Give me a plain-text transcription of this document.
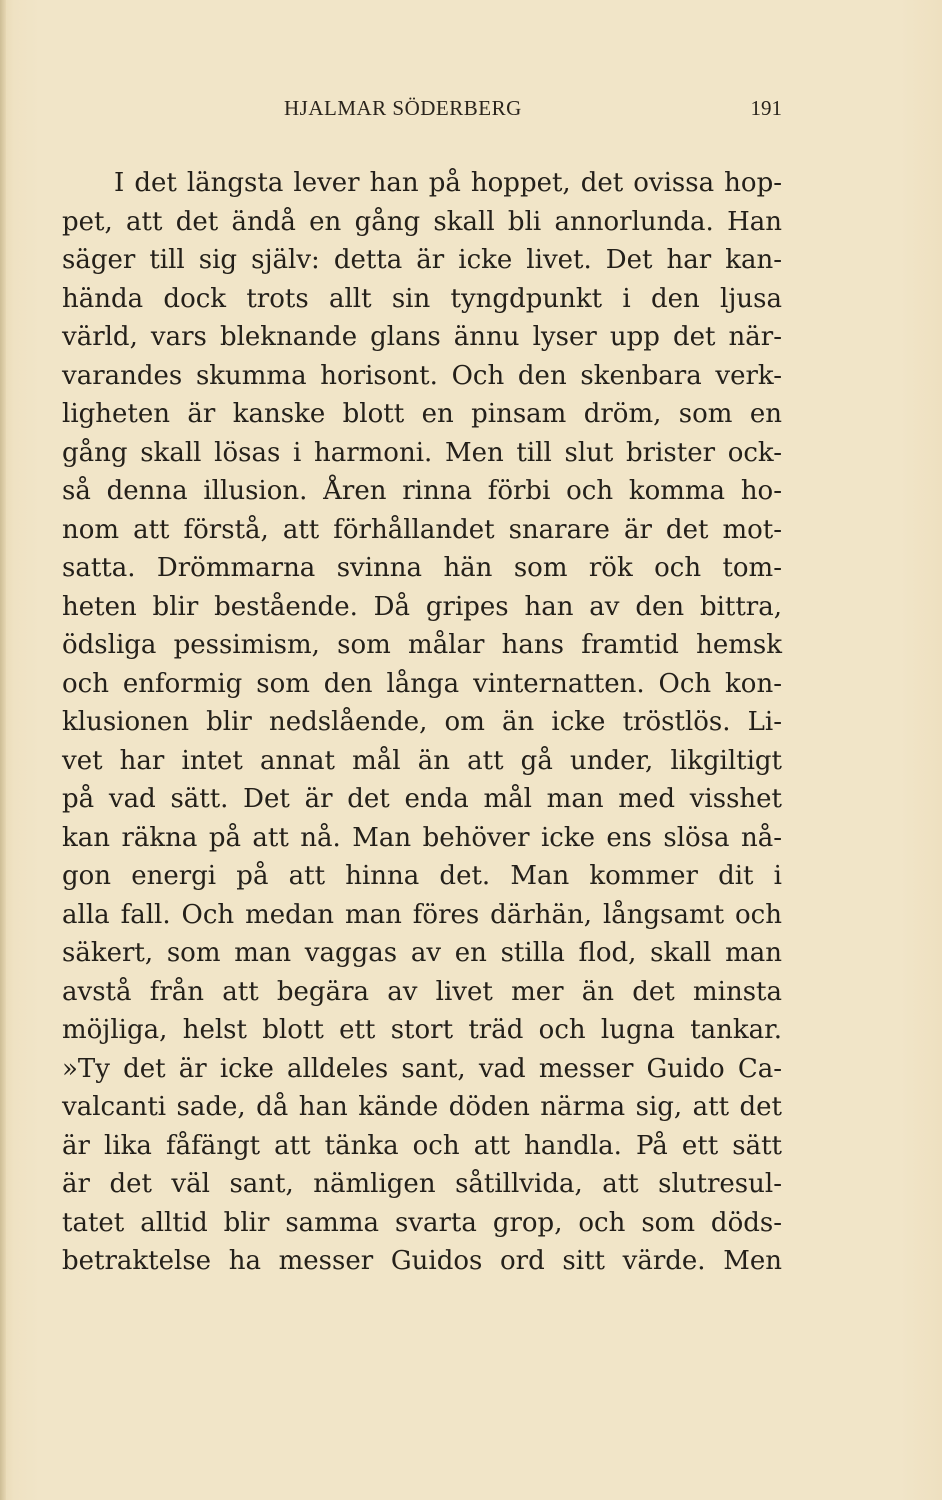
HJALMAR SÖDERBERG	191
I det längsta lever han på hoppet, det ovissa hop-
pet, att det ändå en gång skall bli annorlunda. Han
säger till sig själv: detta är icke livet. Det har kan-
hända dock trots allt sin tyngdpunkt i den ljusa
värld, vars bleknande glans ännu lyser upp det när-
varandes skumma horisont. Och den skenbara verk-
ligheten är kanske blott en pinsam dröm, som en
gång skall lösas i harmoni. Men till slut brister ock-
så denna illusion. Åren rinna förbi och komma ho-
nom att förstå, att förhållandet snarare är det mot-
satta. Drömmarna svinna hän som rök och tom-
heten blir bestående. Då gripes han av den bittra,
ödsliga pessimism, som målar hans framtid hemsk
och enformig som den långa vinternatten. Och kon-
klusionen blir nedslående, om än icke tröstlös. Li-
vet har intet annat mål än att gå under, likgiltigt
på vad sätt. Det är det enda mål man med visshet
kan räkna på att nå. Man behöver icke ens slösa nå-
gon energi på att hinna det. Man kommer dit i
alla fall. Och medan man föres därhän, långsamt och
säkert, som man vaggas av en stilla flod, skall man
avstå från att begära av livet mer än det minsta
möjliga, helst blott ett stort träd och lugna tankar.
»Ty det är icke alldeles sant, vad messer Guido Ca-
valcanti sade, då han kände döden närma sig, att det
är lika fåfängt att tänka och att handla. På ett sätt
är det väl sant, nämligen såtillvida, att slutresul-
tatet alltid blir samma svarta grop, och som döds-
betraktelse ha messer Guidos ord sitt värde. Men
